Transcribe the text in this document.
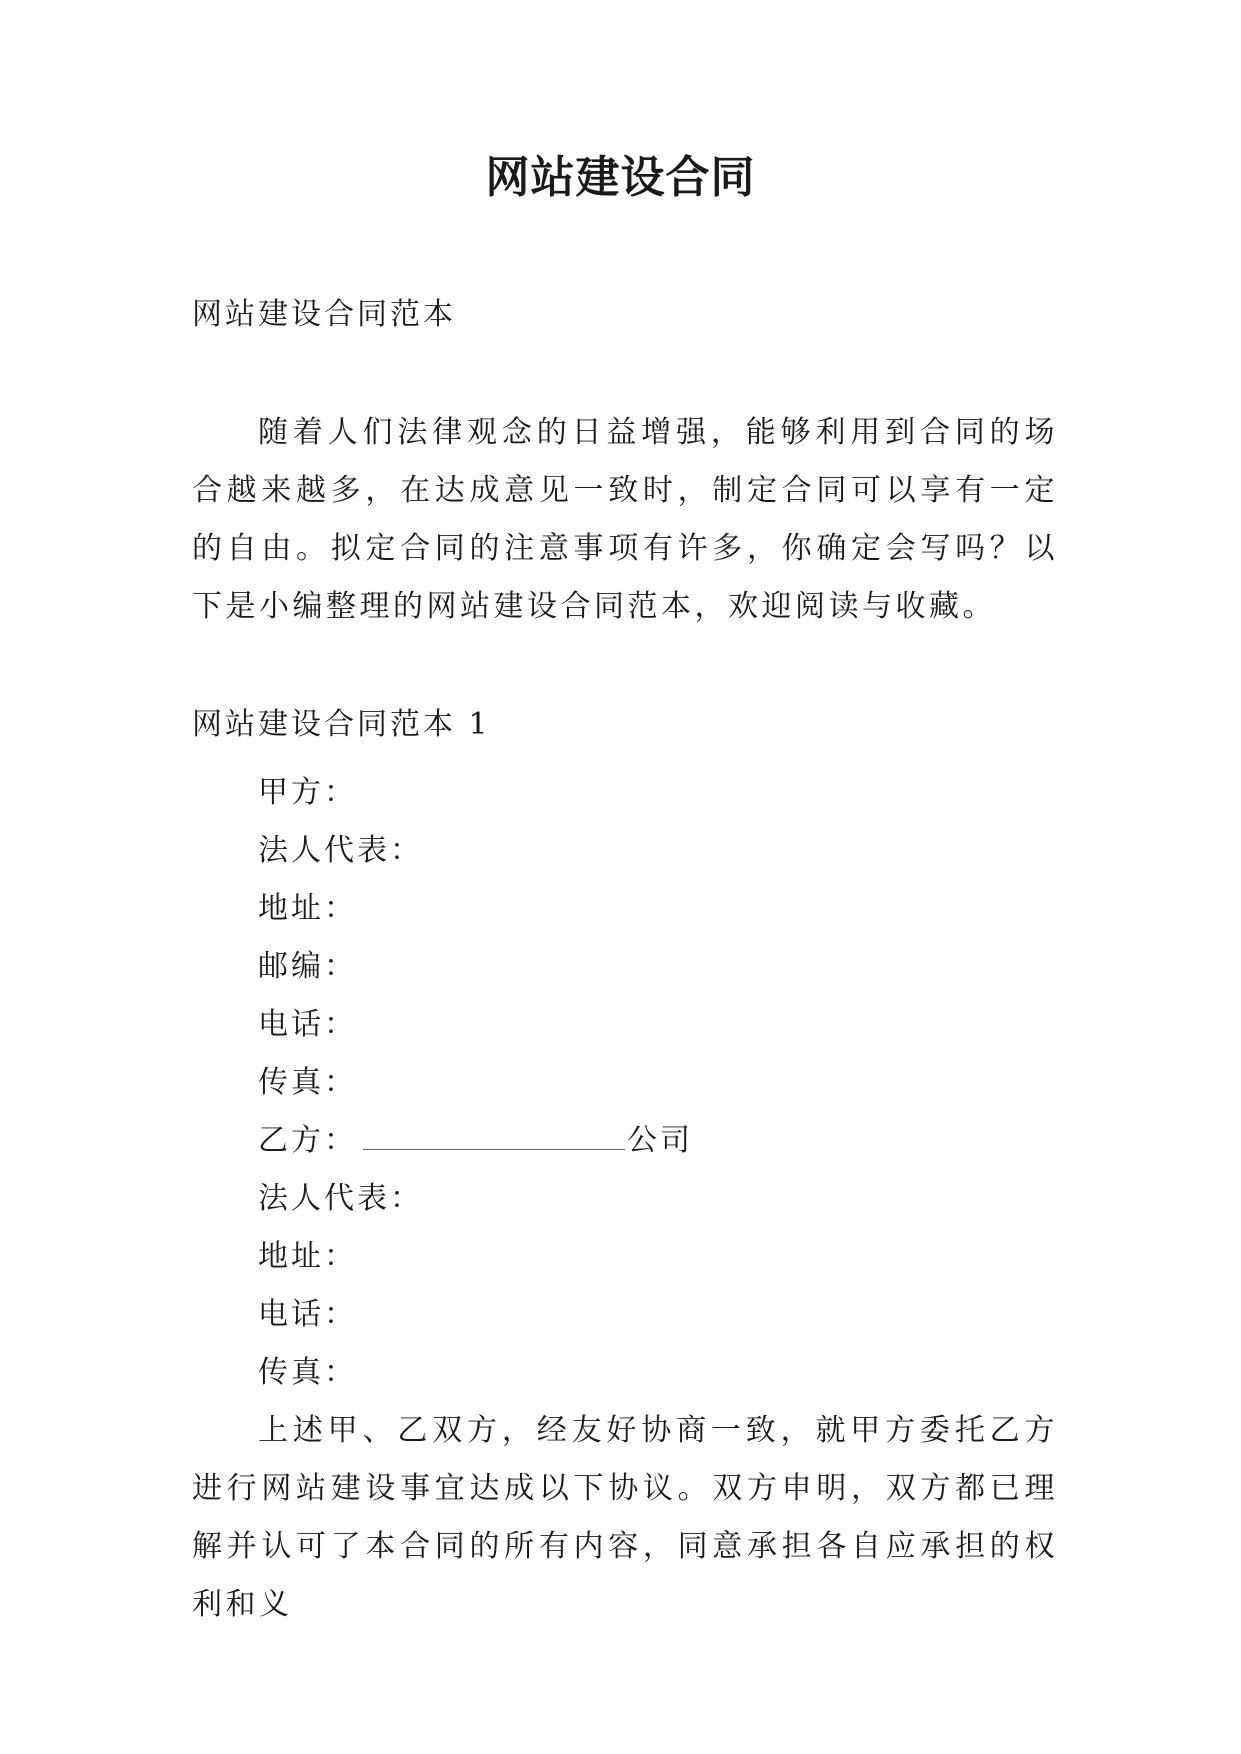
网站建设合同
网站建设合同范本
随着人们法律观念的日益增强，能够利用到合同的场合越来越多，在达成意见一致时，制定合同可以享有一定的自由。拟定合同的注意事项有许多，你确定会写吗？以下是小编整理的网站建设合同范本，欢迎阅读与收藏。
网站建设合同范本 1
甲方：
法人代表：
地址：
邮编：
电话：
传真：
乙方：	公司
法人代表：
地址：
电话：
传真：
上述甲、乙双方，经友好协商一致，就甲方委托乙方进行网站建设事宜达成以下协议。双方申明，双方都已理解并认可了本合同的所有内容，同意承担各自应承担的权利和义
